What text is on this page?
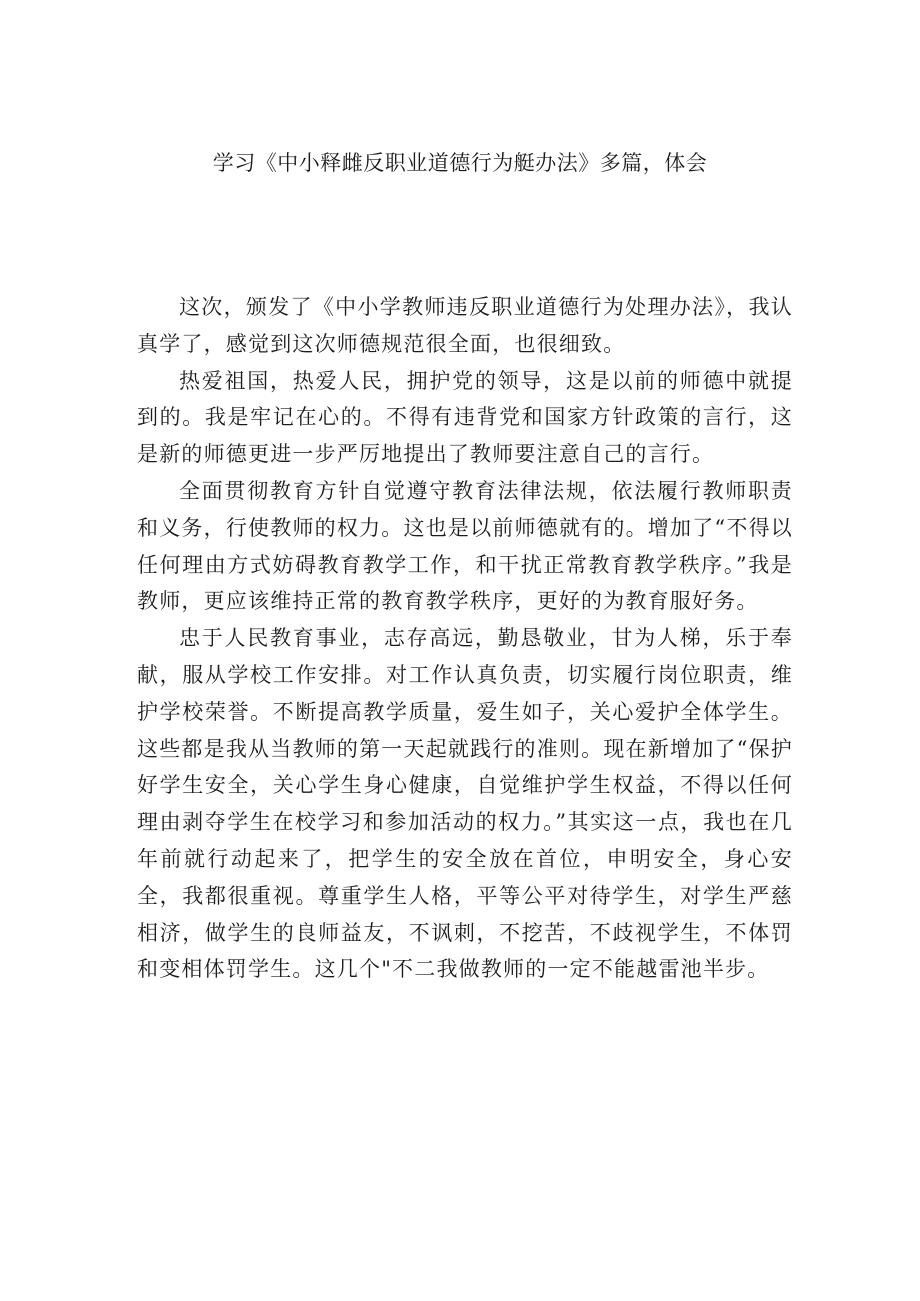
学习《中小释雌反职业道德行为艇办法》多篇，体会

这次，颁发了《中小学教师违反职业道德行为处理办法》，我认真学了，感觉到这次师德规范很全面，也很细致。

热爱祖国，热爱人民，拥护党的领导，这是以前的师德中就提到的。我是牢记在心的。不得有违背党和国家方针政策的言行，这是新的师德更进一步严厉地提出了教师要注意自己的言行。

全面贯彻教育方针自觉遵守教育法律法规，依法履行教师职责和义务，行使教师的权力。这也是以前师德就有的。增加了“不得以任何理由方式妨碍教育教学工作，和干扰正常教育教学秩序。”我是教师，更应该维持正常的教育教学秩序，更好的为教育服好务。

忠于人民教育事业，志存高远，勤恳敬业，甘为人梯，乐于奉献，服从学校工作安排。对工作认真负责，切实履行岗位职责，维护学校荣誉。不断提高教学质量，爱生如子，关心爱护全体学生。这些都是我从当教师的第一天起就践行的准则。现在新增加了“保护好学生安全，关心学生身心健康，自觉维护学生权益，不得以任何理由剥夺学生在校学习和参加活动的权力。”其实这一点，我也在几年前就行动起来了，把学生的安全放在首位，申明安全，身心安全，我都很重视。尊重学生人格，平等公平对待学生，对学生严慈相济，做学生的良师益友，不讽刺，不挖苦，不歧视学生，不体罚和变相体罚学生。这几个"不二我做教师的一定不能越雷池半步。
